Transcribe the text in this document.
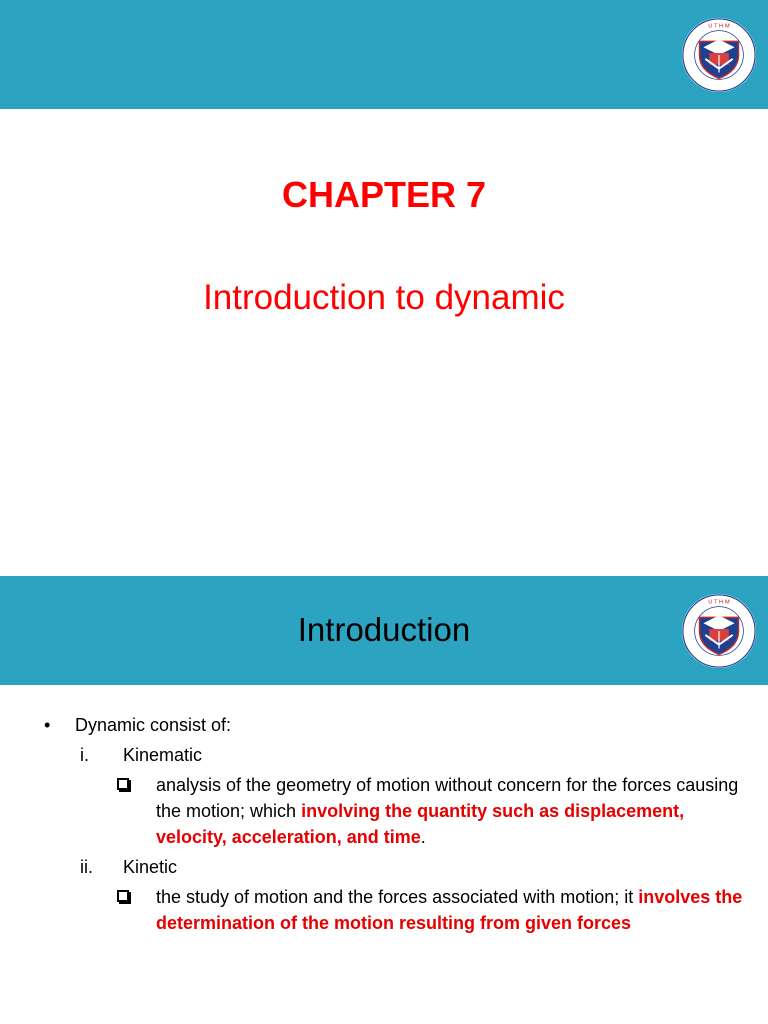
U T H M
CHAPTER 7
Introduction to dynamic
Introduction
U T H M
• Dynamic consist of:
i. Kinematic
analysis of the geometry of motion without concern for the forces causing the motion; which involving the quantity such as displacement, velocity, acceleration, and time.
ii. Kinetic
the study of motion and the forces associated with motion; it involves the determination of the motion resulting from given forces
